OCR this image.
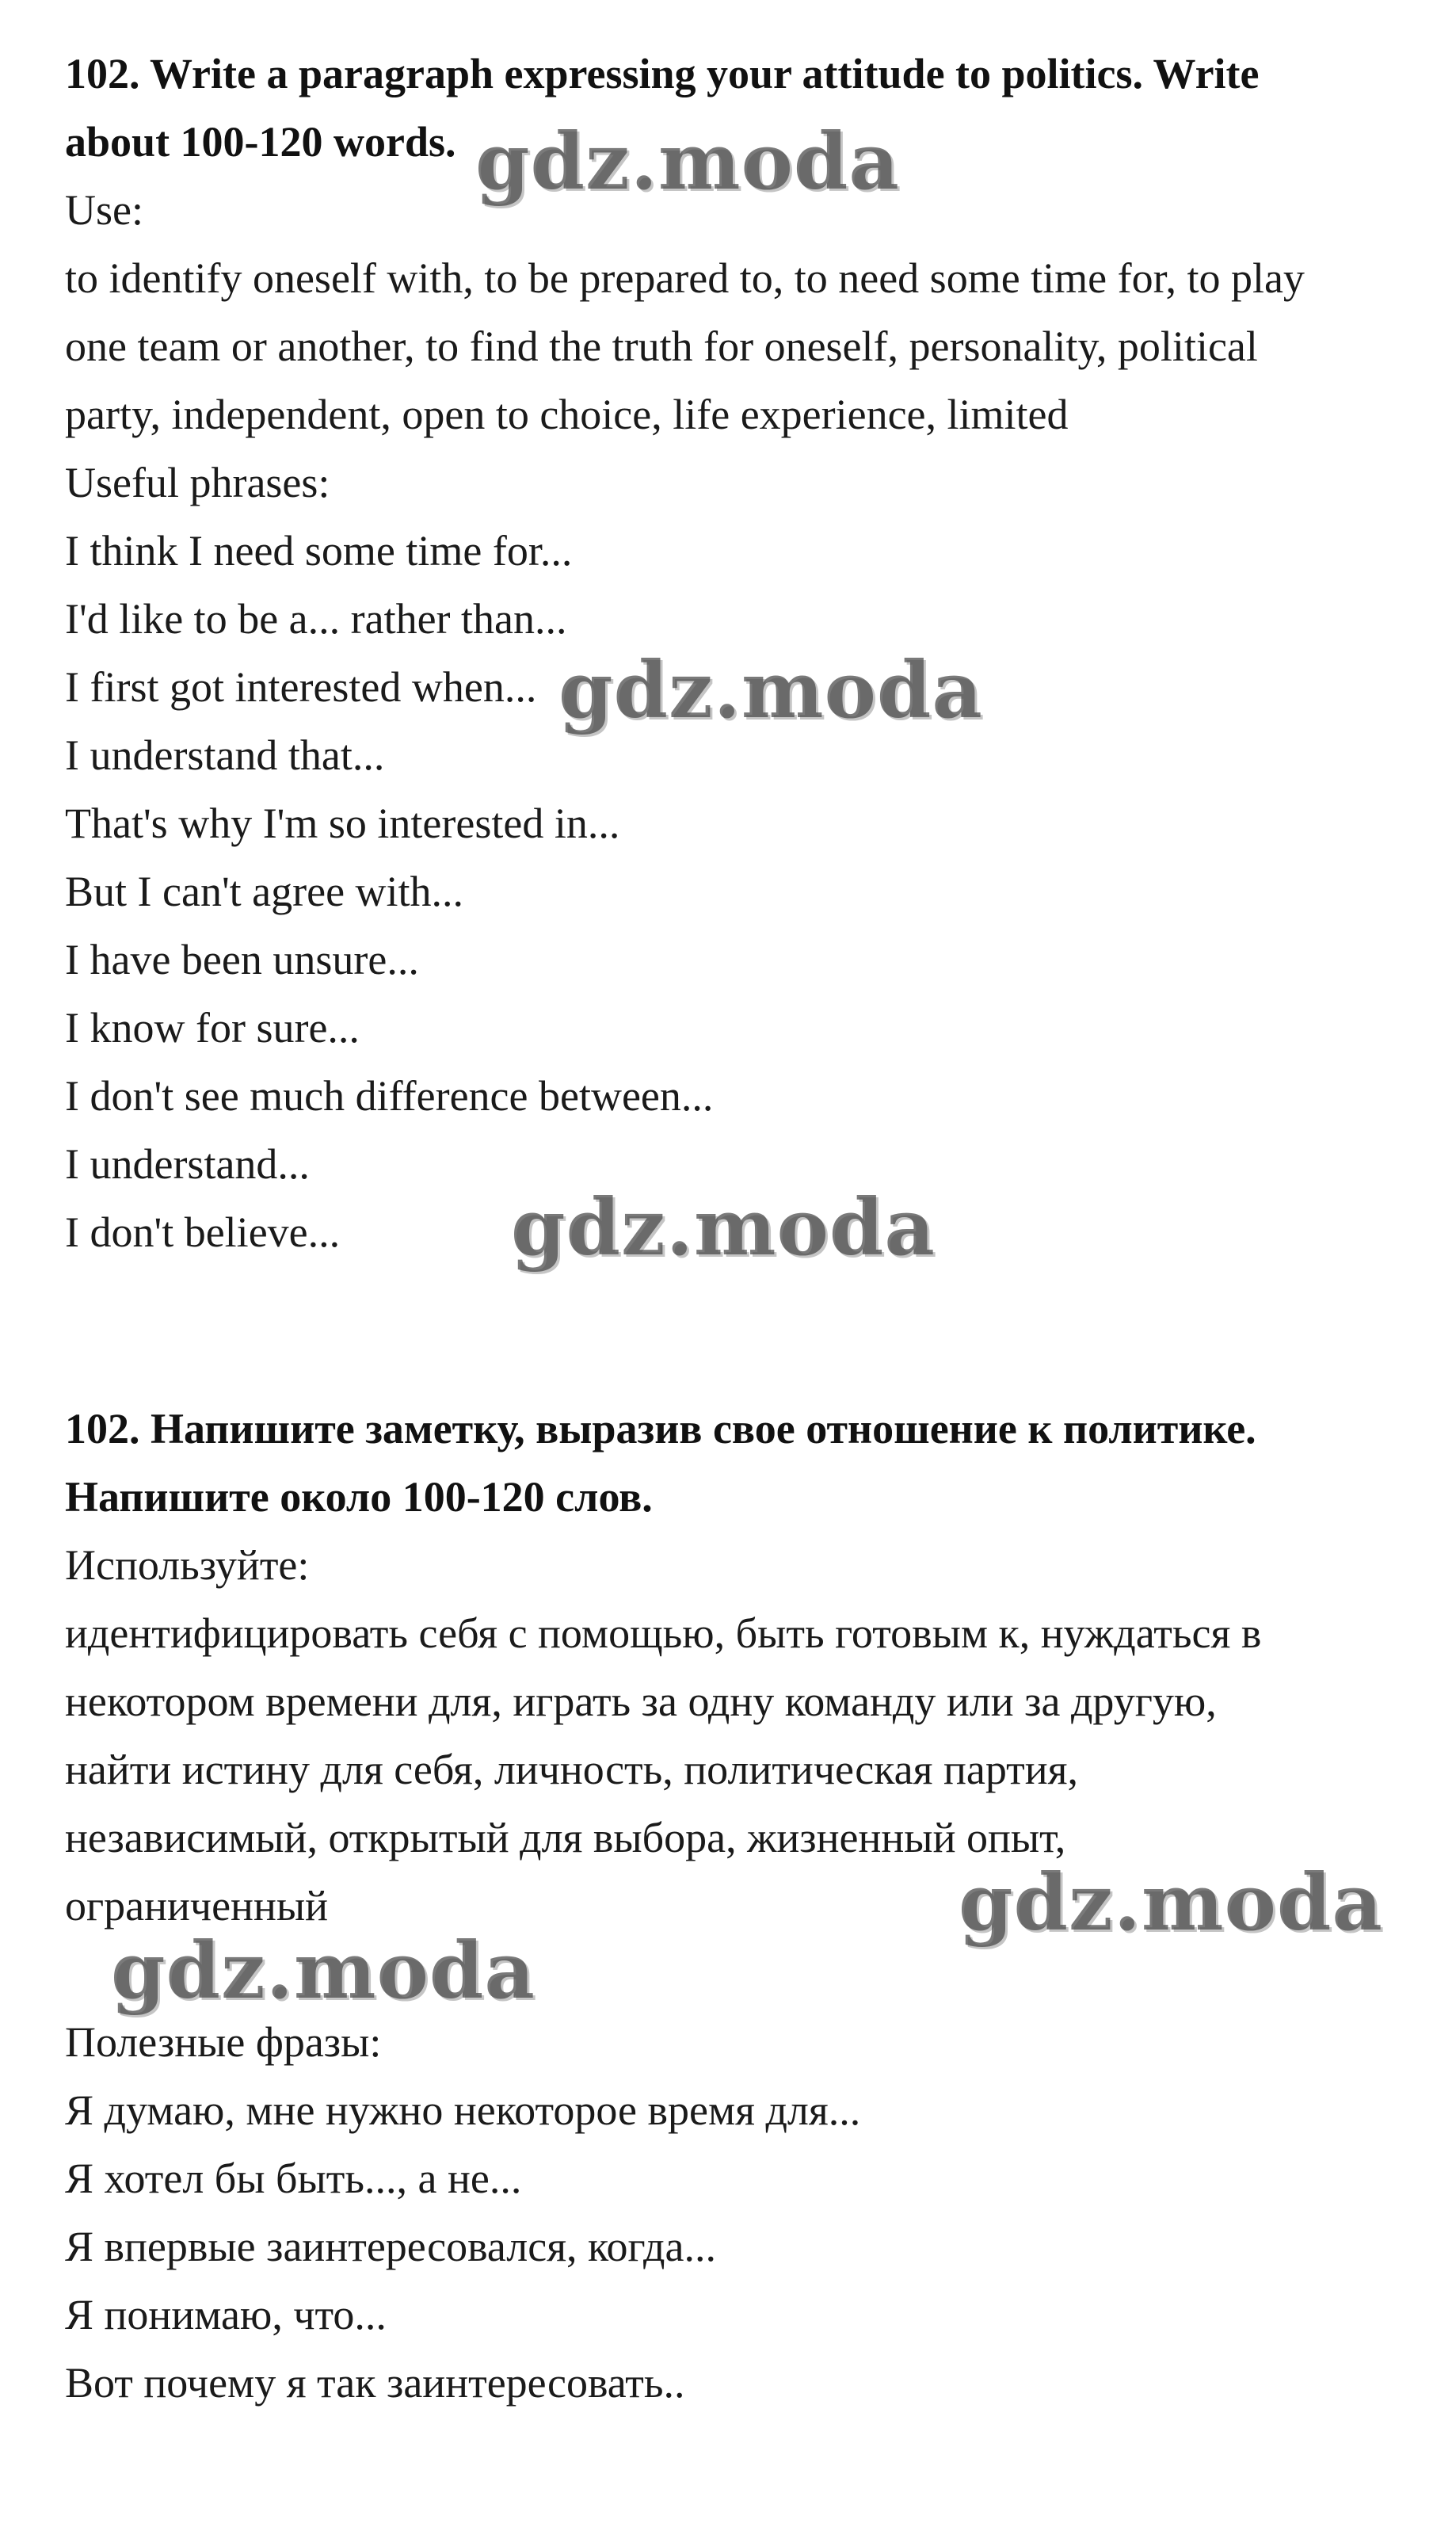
102. Write a paragraph expressing your attitude to politics. Write
about 100-120 words.
Use:
to identify oneself with, to be prepared to, to need some time for, to play
one team or another, to find the truth for oneself, personality, political
party, independent, open to choice, life experience, limited
Useful phrases:
I think I need some time for...
I'd like to be a... rather than...
I first got interested when...
I understand that...
That's why I'm so interested in...
But I can't agree with...
I have been unsure...
I know for sure...
I don't see much difference between...
I understand...
I don't believe...
102. Напишите заметку, выразив свое отношение к политике.
Напишите около 100-120 слов.
Используйте:
идентифицировать себя с помощью, быть готовым к, нуждаться в
некотором времени для, играть за одну команду или за другую,
найти истину для себя, личность, политическая партия,
независимый, открытый для выбора, жизненный опыт,
ограниченный
Полезные фразы:
Я думаю, мне нужно некоторое время для...
Я хотел бы быть..., а не...
Я впервые заинтересовался, когда...
Я понимаю, что...
Вот почему я так заинтересовать..
gdz.moda
gdz.moda
gdz.moda
gdz.moda
gdz.moda
